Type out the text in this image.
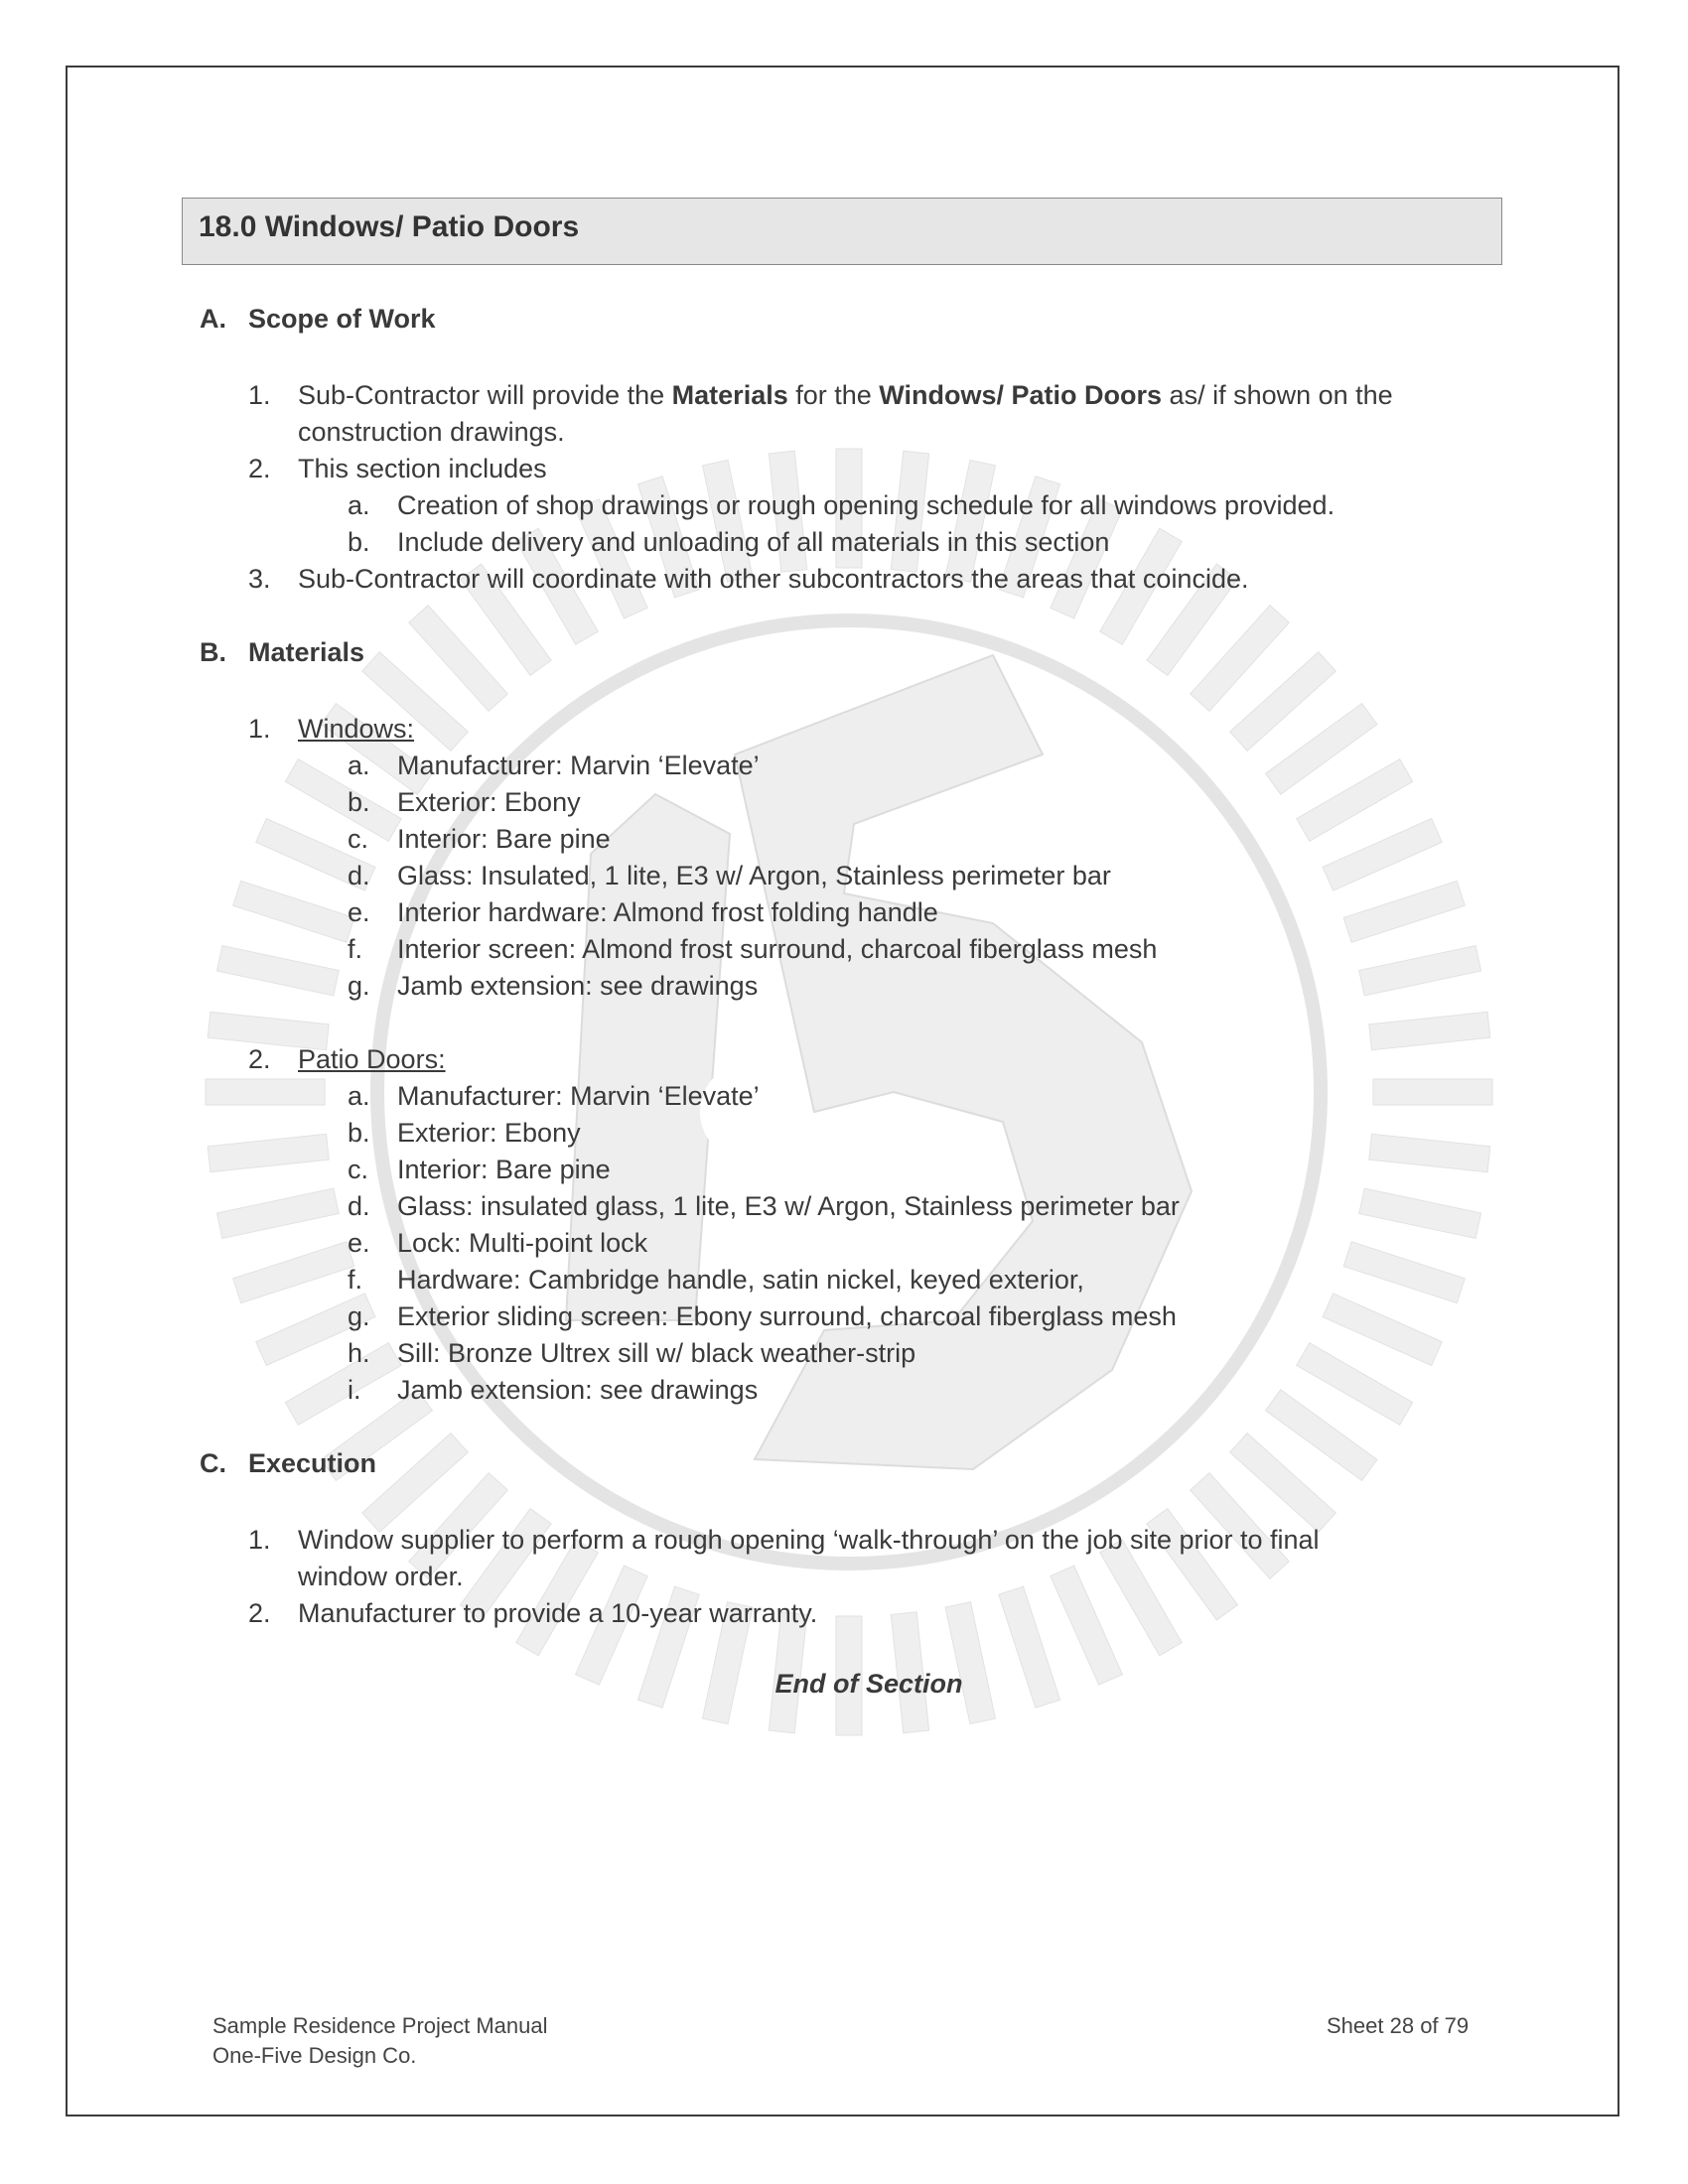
18.0 Windows/ Patio Doors
A. Scope of Work
1. Sub-Contractor will provide the Materials for the Windows/ Patio Doors as/ if shown on the
construction drawings.
2. This section includes
a. Creation of shop drawings or rough opening schedule for all windows provided.
b. Include delivery and unloading of all materials in this section
3. Sub-Contractor will coordinate with other subcontractors the areas that coincide.
B. Materials
1. Windows:
a. Manufacturer: Marvin ‘Elevate’
b. Exterior: Ebony
c. Interior: Bare pine
d. Glass: Insulated, 1 lite, E3 w/ Argon, Stainless perimeter bar
e. Interior hardware: Almond frost folding handle
f. Interior screen: Almond frost surround, charcoal fiberglass mesh
g. Jamb extension: see drawings
2. Patio Doors:
a. Manufacturer: Marvin ‘Elevate’
b. Exterior: Ebony
c. Interior: Bare pine
d. Glass: insulated glass, 1 lite, E3 w/ Argon, Stainless perimeter bar
e. Lock: Multi-point lock
f. Hardware: Cambridge handle, satin nickel, keyed exterior,
g. Exterior sliding screen: Ebony surround, charcoal fiberglass mesh
h. Sill: Bronze Ultrex sill w/ black weather-strip
i. Jamb extension: see drawings
C. Execution
1. Window supplier to perform a rough opening ‘walk-through’ on the job site prior to final
window order.
2. Manufacturer to provide a 10-year warranty.
End of Section
Sample Residence Project Manual
One-Five Design Co.
Sheet 28 of 79
